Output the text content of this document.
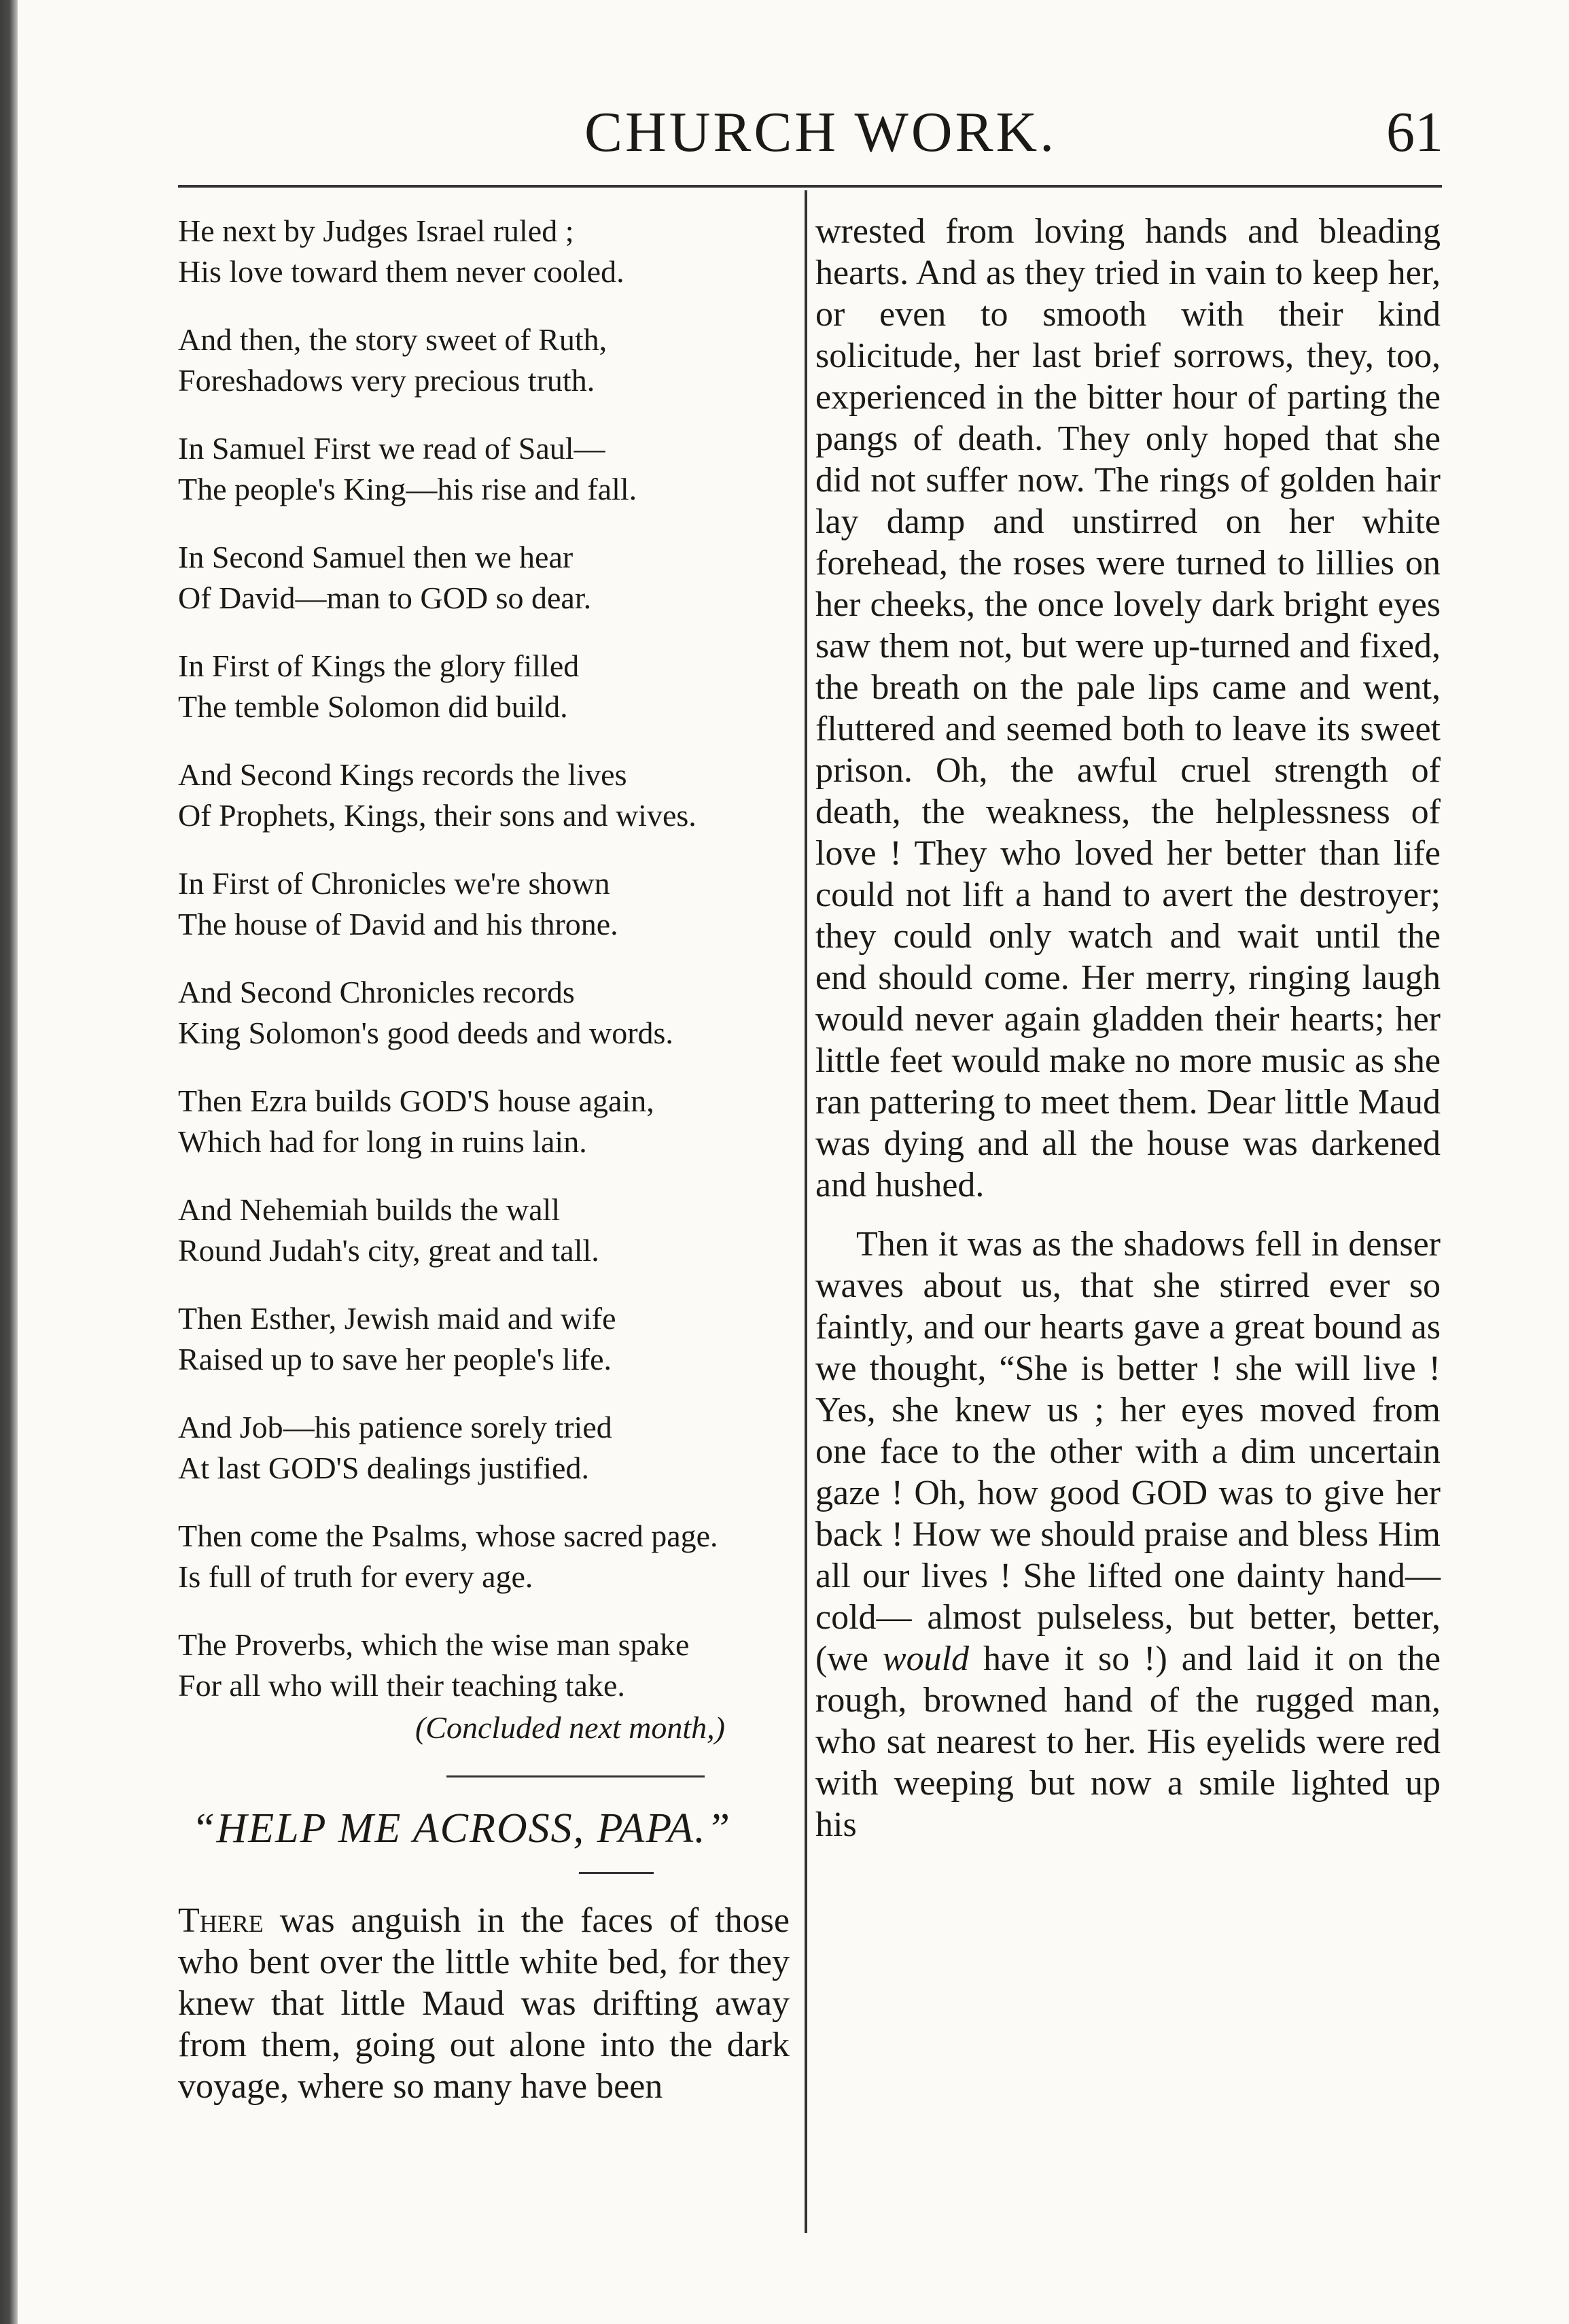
CHURCH WORK.	61
He next by Judges Israel ruled ;
His love toward them never cooled.
And then, the story sweet of Ruth,
Foreshadows very precious truth.
In Samuel First we read of Saul—
The people's King—his rise and fall.
In Second Samuel then we hear
Of David—man to GOD so dear.
In First of Kings the glory filled
The temble Solomon did build.
And Second Kings records the lives
Of Prophets, Kings, their sons and wives.
In First of Chronicles we're shown
The house of David and his throne.
And Second Chronicles records
King Solomon's good deeds and words.
Then Ezra builds GOD'S house again,
Which had for long in ruins lain.
And Nehemiah builds the wall
Round Judah's city, great and tall.
Then Esther, Jewish maid and wife
Raised up to save her people's life.
And Job—his patience sorely tried
At last GOD'S dealings justified.
Then come the Psalms, whose sacred page.
Is full of truth for every age.
The Proverbs, which the wise man spake
For all who will their teaching take.
(Concluded next month,)
“HELP ME ACROSS, PAPA.”

There was anguish in the faces of those who bent over the little white bed, for they knew that little Maud was drifting away from them, going out alone into the dark voyage, where so many have been

wrested from loving hands and bleading hearts. And as they tried in vain to keep her, or even to smooth with their kind solicitude, her last brief sorrows, they, too, experienced in the bitter hour of parting the pangs of death. They only hoped that she did not suffer now. The rings of golden hair lay damp and unstirred on her white forehead, the roses were turned to lillies on her cheeks, the once lovely dark bright eyes saw them not, but were up-turned and fixed, the breath on the pale lips came and went, fluttered and seemed both to leave its sweet prison. Oh, the awful cruel strength of death, the weakness, the helplessness of love ! They who loved her better than life could not lift a hand to avert the destroyer; they could only watch and wait until the end should come. Her merry, ringing laugh would never again gladden their hearts; her little feet would make no more music as she ran pattering to meet them. Dear little Maud was dying and all the house was darkened and hushed.

Then it was as the shadows fell in denser waves about us, that she stirred ever so faintly, and our hearts gave a great bound as we thought, “She is better ! she will live ! Yes, she knew us ; her eyes moved from one face to the other with a dim uncertain gaze ! Oh, how good GOD was to give her back ! How we should praise and bless Him all our lives ! She lifted one dainty hand— cold— almost pulseless, but better, better, (we would have it so !) and laid it on the rough, browned hand of the rugged man, who sat nearest to her. His eyelids were red with weeping but now a smile lighted up his
